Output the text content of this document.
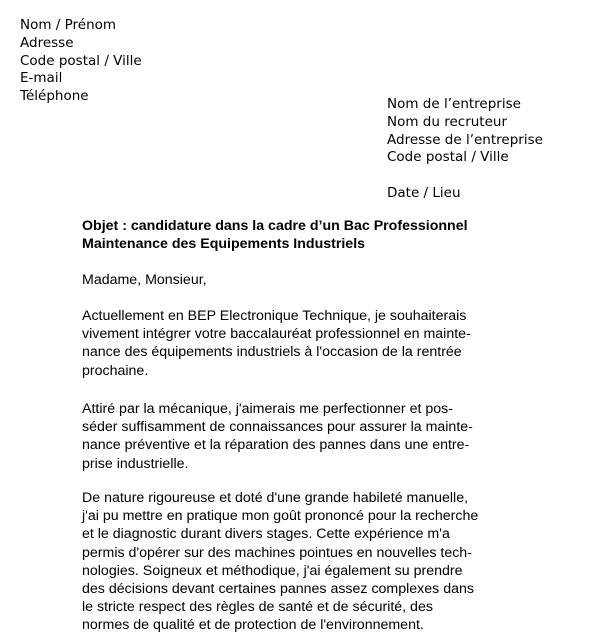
Nom / Prénom
Adresse
Code postal / Ville
E-mail
Téléphone	Nom de l’entreprise
Nom du recruteur
Adresse de l’entreprise
Code postal / Ville
Date / Lieu
Objet : candidature dans la cadre d’un Bac Professionnel
Maintenance des Equipements Industriels
Madame, Monsieur,
Actuellement en BEP Electronique Technique, je souhaiterais
vivement intégrer votre baccalauréat professionnel en mainte-
nance des équipements industriels à l'occasion de la rentrée
prochaine.
Attiré par la mécanique, j'aimerais me perfectionner et pos-
séder suffisamment de connaissances pour assurer la mainte-
nance préventive et la réparation des pannes dans une entre-
prise industrielle.
De nature rigoureuse et doté d'une grande habileté manuelle,
j'ai pu mettre en pratique mon goût prononcé pour la recherche
et le diagnostic durant divers stages. Cette expérience m'a
permis d'opérer sur des machines pointues en nouvelles tech-
nologies. Soigneux et méthodique, j'ai également su prendre
des décisions devant certaines pannes assez complexes dans
le stricte respect des règles de santé et de sécurité, des
normes de qualité et de protection de l'environnement.
